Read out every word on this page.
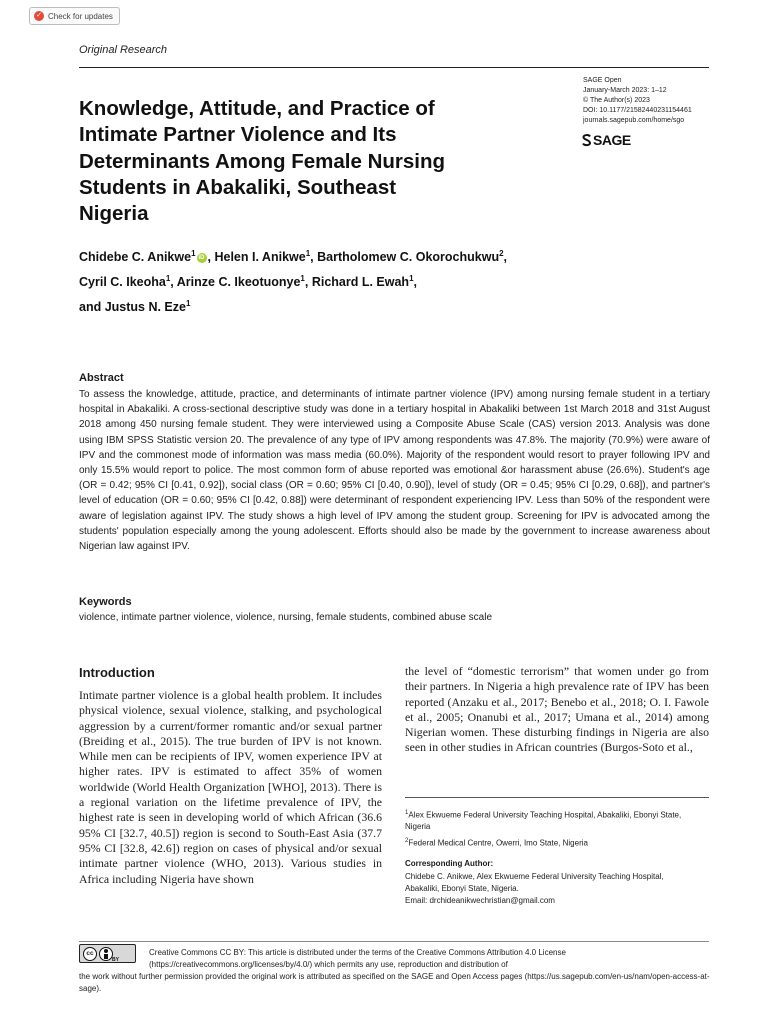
✓ Check for updates
Original Research
Knowledge, Attitude, and Practice of Intimate Partner Violence and Its Determinants Among Female Nursing Students in Abakaliki, Southeast Nigeria
SAGE Open
January-March 2023: 1–12
© The Author(s) 2023
DOI: 10.1177/21582440231154461
journals.sagepub.com/home/sgo
SAGE
Chidebe C. Anikwe$^1$ iD , Helen I. Anikwe$^1$, Bartholomew C. Okorochukwu$^2$,
Cyril C. Ikeoha$^1$, Arinze C. Ikeotuonye$^1$, Richard L. Ewah$^1$,
and Justus N. Eze$^1$
Abstract

To assess the knowledge, attitude, practice, and determinants of intimate partner violence (IPV) among nursing female student in a tertiary hospital in Abakaliki. A cross-sectional descriptive study was done in a tertiary hospital in Abakaliki between 1st March 2018 and 31st August 2018 among 450 nursing female student. They were interviewed using a Composite Abuse Scale (CAS) version 2013. Analysis was done using IBM SPSS Statistic version 20. The prevalence of any type of IPV among respondents was 47.8%. The majority (70.9%) were aware of IPV and the commonest mode of information was mass media (60.0%). Majority of the respondent would resort to prayer following IPV and only 15.5% would report to police. The most common form of abuse reported was emotional &or harassment abuse (26.6%). Student's age (OR = 0.42; 95% CI [0.41, 0.92]), social class (OR = 0.60; 95% CI [0.40, 0.90]), level of study (OR = 0.45; 95% CI [0.29, 0.68]), and partner's level of education (OR = 0.60; 95% CI [0.42, 0.88]) were determinant of respondent experiencing IPV. Less than 50% of the respondent were aware of legislation against IPV. The study shows a high level of IPV among the student group. Screening for IPV is advocated among the students' population especially among the young adolescent. Efforts should also be made by the government to increase awareness about Nigerian law against IPV.

Keywords
violence, intimate partner violence, violence, nursing, female students, combined abuse scale
Introduction

Intimate partner violence is a global health problem. It includes physical violence, sexual violence, stalking, and psychological aggression by a current/former romantic and/or sexual partner (Breiding et al., 2015). The true burden of IPV is not known. While men can be recipients of IPV, women experience IPV at higher rates. IPV is estimated to affect 35% of women worldwide (World Health Organization [WHO], 2013). There is a regional variation on the lifetime prevalence of IPV, the highest rate is seen in developing world of which African (36.6 95% CI [32.7, 40.5]) region is second to South-East Asia (37.7 95% CI [32.8, 42.6]) region on cases of physical and/or sexual intimate partner violence (WHO, 2013). Various studies in Africa including Nigeria have shown

the level of “domestic terrorism” that women under go from their partners. In Nigeria a high prevalence rate of IPV has been reported (Anzaku et al., 2017; Benebo et al., 2018; O. I. Fawole et al., 2005; Onanubi et al., 2017; Umana et al., 2014) among Nigerian women. These disturbing findings in Nigeria are also seen in other studies in African countries (Burgos-Soto et al.,

$^1$Alex Ekwueme Federal University Teaching Hospital, Abakaliki, Ebonyi State, Nigeria

$^2$Federal Medical Centre, Owerri, Imo State, Nigeria

Corresponding Author:
Chidebe C. Anikwe, Alex Ekwueme Federal University Teaching Hospital,
Abakaliki, Ebonyi State, Nigeria.
Email: drchideanikwechristian@gmail.com
cc
BY
Creative Commons CC BY: This article is distributed under the terms of the Creative Commons Attribution 4.0 License (https://creativecommons.org/licenses/by/4.0/) which permits any use, reproduction and distribution of
the work without further permission provided the original work is attributed as specified on the SAGE and Open Access pages (https://us.sagepub.com/en-us/nam/open-access-at-sage).
